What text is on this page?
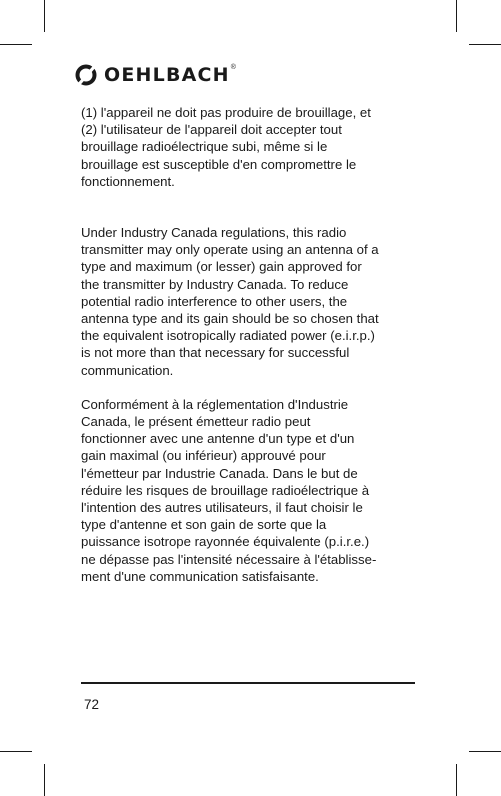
OEHLBACH ®

(1) l'appareil ne doit pas produire de brouillage, et
(2) l'utilisateur de l'appareil doit accepter tout
brouillage radioélectrique subi, même si le
brouillage est susceptible d'en compromettre le
fonctionnement.

Under Industry Canada regulations, this radio
transmitter may only operate using an antenna of a
type and maximum (or lesser) gain approved for
the transmitter by Industry Canada. To reduce
potential radio interference to other users, the
antenna type and its gain should be so chosen that
the equivalent isotropically radiated power (e.i.r.p.)
is not more than that necessary for successful
communication.

Conformément à la réglementation d'Industrie
Canada, le présent émetteur radio peut
fonctionner avec une antenne d'un type et d'un
gain maximal (ou inférieur) approuvé pour
l'émetteur par Industrie Canada. Dans le but de
réduire les risques de brouillage radioélectrique à
l'intention des autres utilisateurs, il faut choisir le
type d'antenne et son gain de sorte que la
puissance isotrope rayonnée équivalente (p.i.r.e.)
ne dépasse pas l'intensité nécessaire à l'établisse-
ment d'une communication satisfaisante.

72
